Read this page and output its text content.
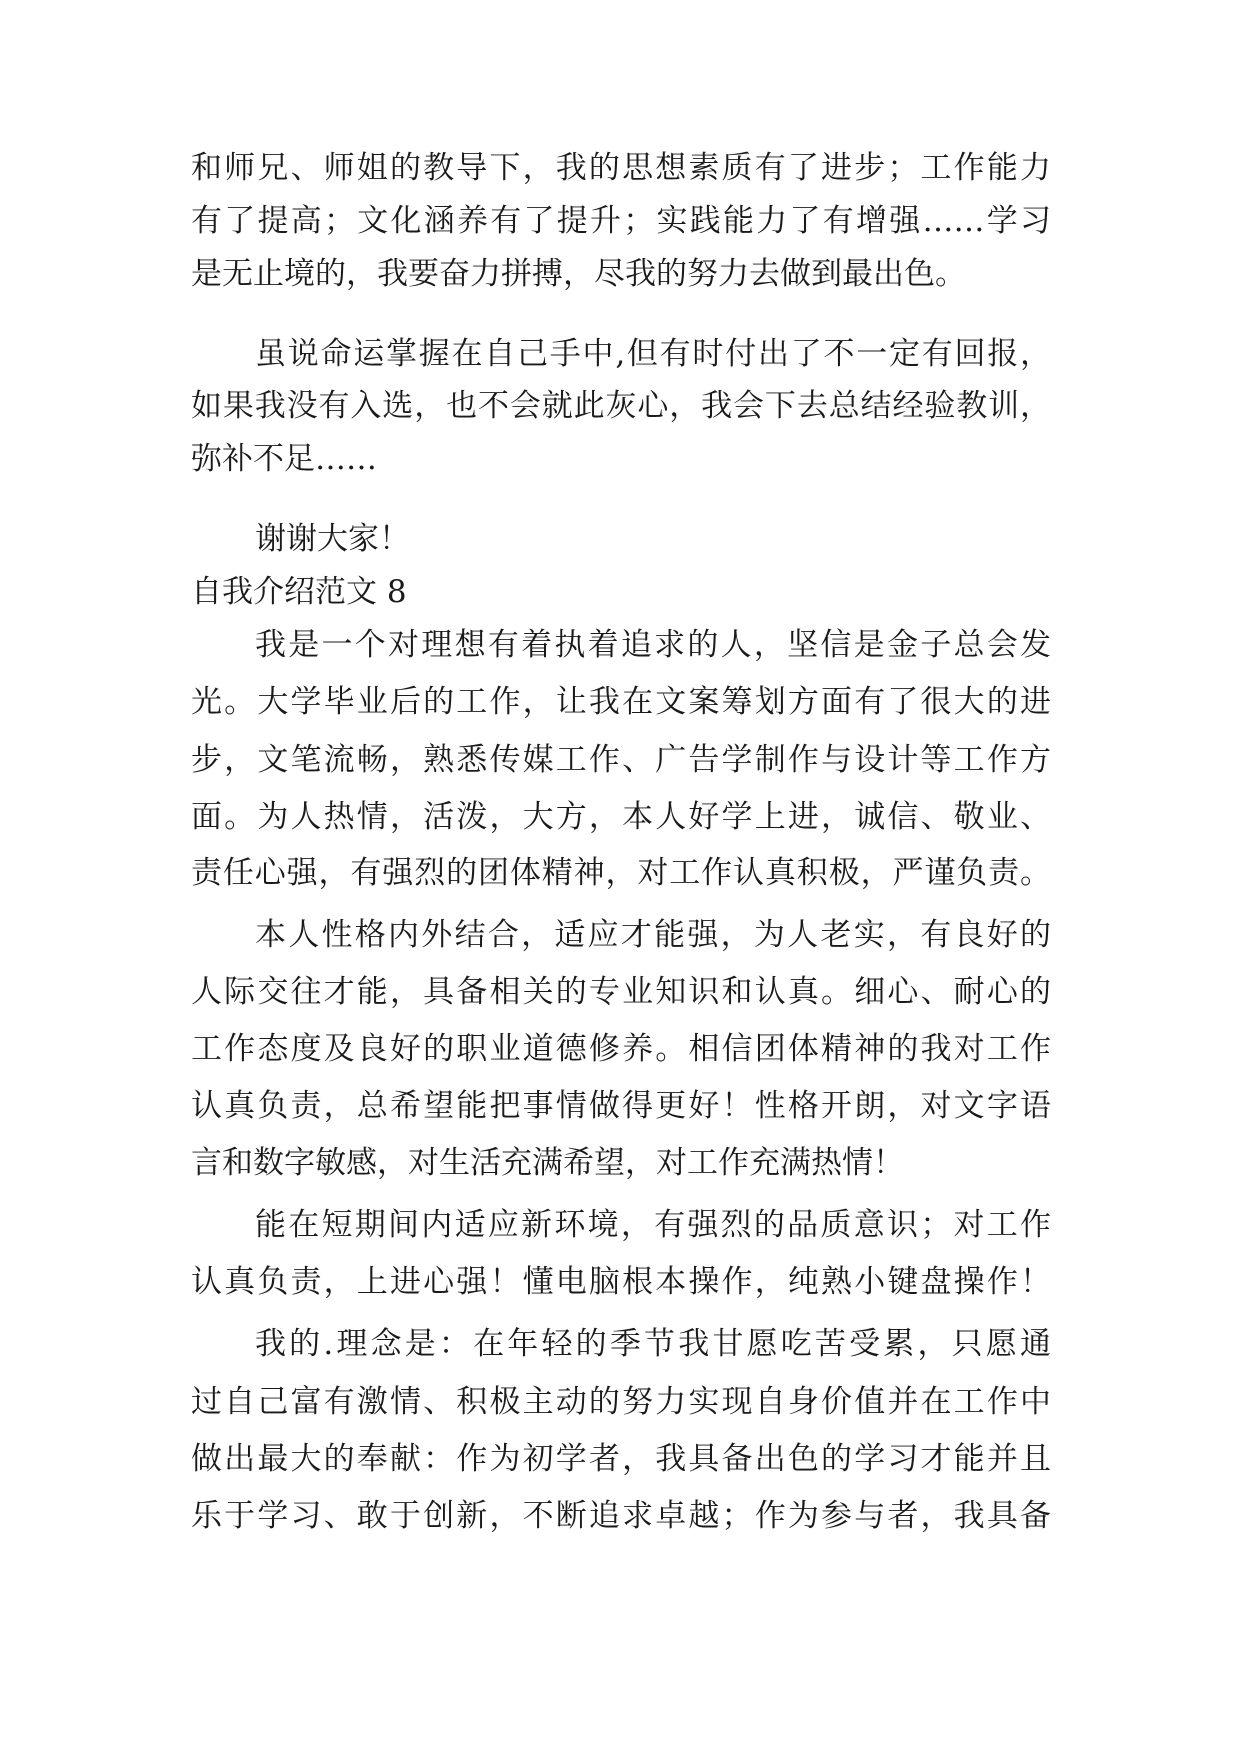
和师兄、师姐的教导下，我的思想素质有了进步；工作能力
有了提高；文化涵养有了提升；实践能力了有增强……学习
是无止境的，我要奋力拼搏，尽我的努力去做到最出色。
虽说命运掌握在自己手中,但有时付出了不一定有回报，
如果我没有入选，也不会就此灰心，我会下去总结经验教训，
弥补不足……
谢谢大家！
自我介绍范文 8
我是一个对理想有着执着追求的人，坚信是金子总会发
光。大学毕业后的工作，让我在文案筹划方面有了很大的进
步，文笔流畅，熟悉传媒工作、广告学制作与设计等工作方
面。为人热情，活泼，大方，本人好学上进，诚信、敬业、
责任心强，有强烈的团体精神，对工作认真积极，严谨负责。
本人性格内外结合，适应才能强，为人老实，有良好的
人际交往才能，具备相关的专业知识和认真。细心、耐心的
工作态度及良好的职业道德修养。相信团体精神的我对工作
认真负责，总希望能把事情做得更好！性格开朗，对文字语
言和数字敏感，对生活充满希望，对工作充满热情！
能在短期间内适应新环境，有强烈的品质意识；对工作
认真负责，上进心强！懂电脑根本操作，纯熟小键盘操作！
我的.理念是：在年轻的季节我甘愿吃苦受累，只愿通
过自己富有激情、积极主动的努力实现自身价值并在工作中
做出最大的奉献：作为初学者，我具备出色的学习才能并且
乐于学习、敢于创新，不断追求卓越；作为参与者，我具备
